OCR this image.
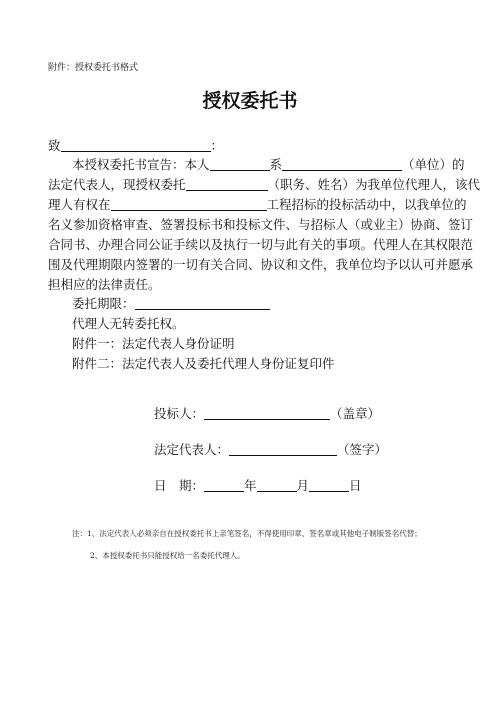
附件：授权委托书格式
授权委托书
致	：
本授权委托书宣告：本人	系	（单位）的
法定代表人，现授权委托	（职务、姓名）为我单位代理人，该代
理人有权在	工程招标的投标活动中，以我单位的
名义参加资格审查、签署投标书和投标文件、与招标人（或业主）协商、签订
合同书、办理合同公证手续以及执行一切与此有关的事项。代理人在其权限范
围及代理期限内签署的一切有关合同、协议和文件，我单位均予以认可并愿承
担相应的法律责任。
委托期限：
代理人无转委托权。
附件一：法定代表人身份证明
附件二：法定代表人及委托代理人身份证复印件
投标人：	（盖章）
法定代表人：	（签字）
日　期：	年	月	日
注：1、法定代表人必须亲自在授权委托书上亲笔签名，不得使用印章、签名章或其他电子制版签名代替；
2、本授权委托书只能授权给一名委托代理人。
